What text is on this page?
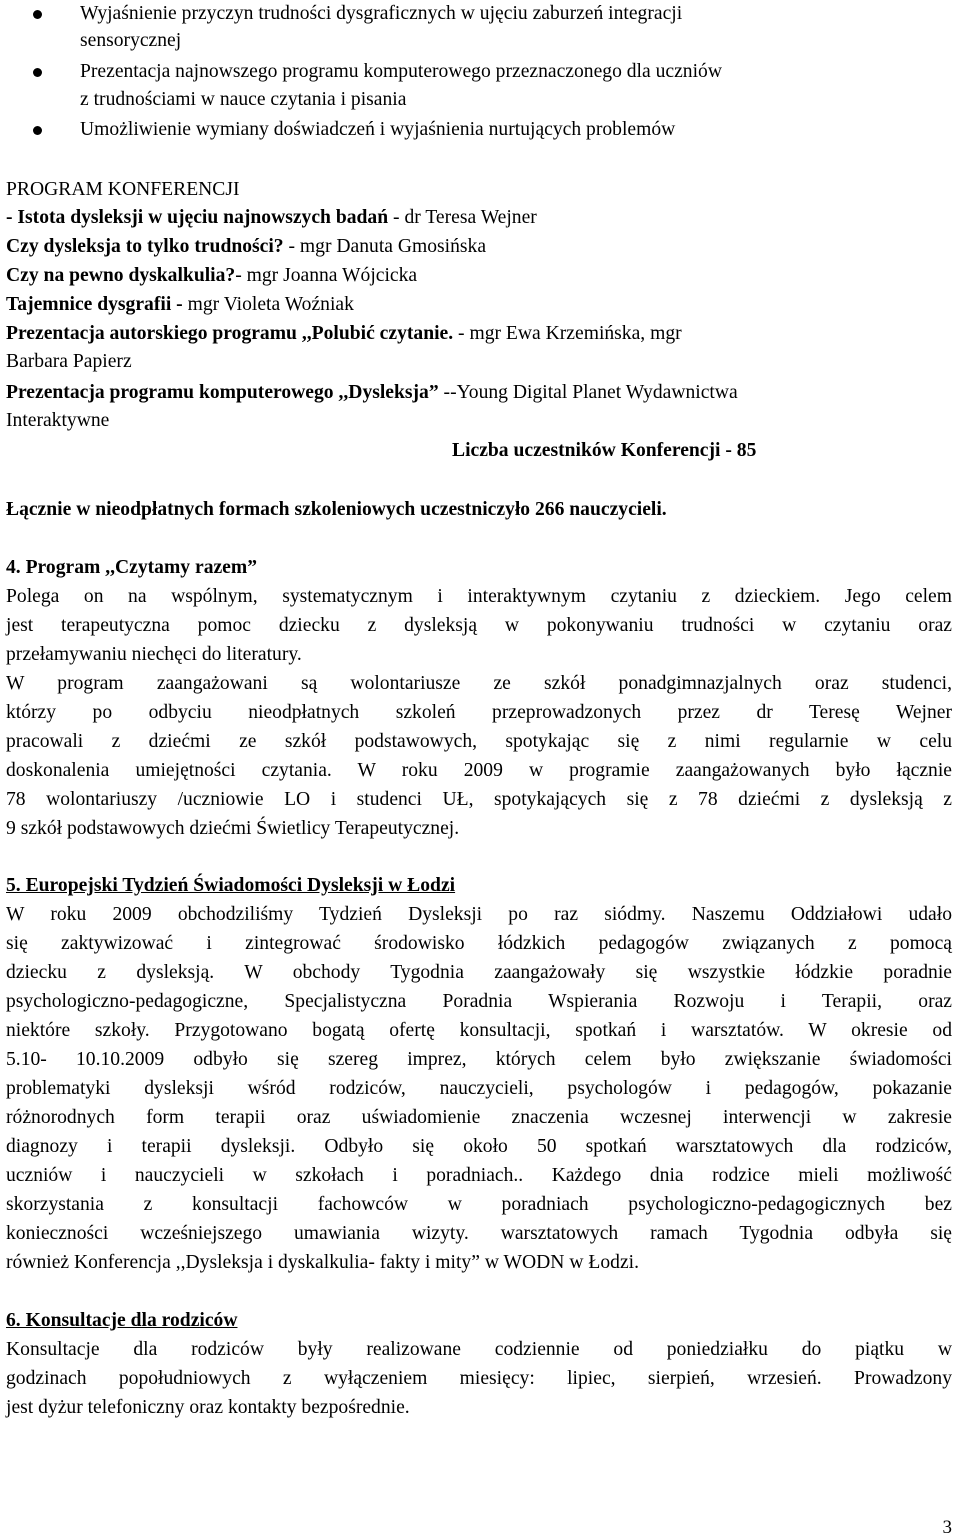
Wyjaśnienie przyczyn trudności dysgraficznych w ujęciu zaburzeń integracji
sensorycznej
Prezentacja najnowszego programu komputerowego przeznaczonego dla uczniów
z trudnościami w nauce czytania i pisania
Umożliwienie wymiany doświadczeń i wyjaśnienia nurtujących problemów
PROGRAM KONFERENCJI
- Istota dysleksji w ujęciu najnowszych badań - dr Teresa Wejner
Czy dysleksja to tylko trudności? - mgr Danuta Gmosińska
Czy na pewno dyskalkulia?- mgr Joanna Wójcicka
Tajemnice dysgrafii - mgr Violeta Woźniak
Prezentacja autorskiego programu ,,Polubić czytanie. - mgr Ewa Krzemińska, mgr
Barbara Papierz
Prezentacja programu komputerowego ,,Dysleksja” --Young Digital Planet Wydawnictwa
Interaktywne
Liczba uczestników Konferencji - 85
Łącznie w nieodpłatnych formach szkoleniowych uczestniczyło 266 nauczycieli.
4. Program ,,Czytamy razem”
Polega on na wspólnym, systematycznym i interaktywnym czytaniu z dzieckiem. Jego celem
jest terapeutyczna pomoc dziecku z dysleksją w pokonywaniu trudności w czytaniu oraz
przełamywaniu niechęci do literatury.
W program zaangażowani są wolontariusze ze szkół ponadgimnazjalnych oraz studenci,
którzy po odbyciu nieodpłatnych szkoleń przeprowadzonych przez dr Teresę Wejner
pracowali z dziećmi ze szkół podstawowych, spotykając się z nimi regularnie w celu
doskonalenia umiejętności czytania. W roku 2009 w programie zaangażowanych było łącznie
78 wolontariuszy /uczniowie LO i studenci UŁ, spotykających się z 78 dziećmi z dysleksją z
9 szkół podstawowych dziećmi Świetlicy Terapeutycznej.
5. Europejski Tydzień Świadomości Dysleksji w Łodzi
W roku 2009 obchodziliśmy Tydzień Dysleksji po raz siódmy. Naszemu Oddziałowi udało
się zaktywizować i zintegrować środowisko łódzkich pedagogów związanych z pomocą
dziecku z dysleksją. W obchody Tygodnia zaangażowały się wszystkie łódzkie poradnie
psychologiczno-pedagogiczne, Specjalistyczna Poradnia Wspierania Rozwoju i Terapii, oraz
niektóre szkoły. Przygotowano bogatą ofertę konsultacji, spotkań i warsztatów. W okresie od
5.10- 10.10.2009 odbyło się szereg imprez, których celem było zwiększanie świadomości
problematyki dysleksji wśród rodziców, nauczycieli, psychologów i pedagogów, pokazanie
różnorodnych form terapii oraz uświadomienie znaczenia wczesnej interwencji w zakresie
diagnozy i terapii dysleksji. Odbyło się około 50 spotkań warsztatowych dla rodziców,
uczniów i nauczycieli w szkołach i poradniach.. Każdego dnia rodzice mieli możliwość
skorzystania z konsultacji fachowców w poradniach psychologiczno-pedagogicznych bez
konieczności wcześniejszego umawiania wizyty. warsztatowych ramach Tygodnia odbyła się
również Konferencja ,,Dysleksja i dyskalkulia- fakty i mity” w WODN w Łodzi.
6. Konsultacje dla rodziców
Konsultacje dla rodziców były realizowane codziennie od poniedziałku do piątku w
godzinach popołudniowych z wyłączeniem miesięcy: lipiec, sierpień, wrzesień. Prowadzony
jest dyżur telefoniczny oraz kontakty bezpośrednie.
3
